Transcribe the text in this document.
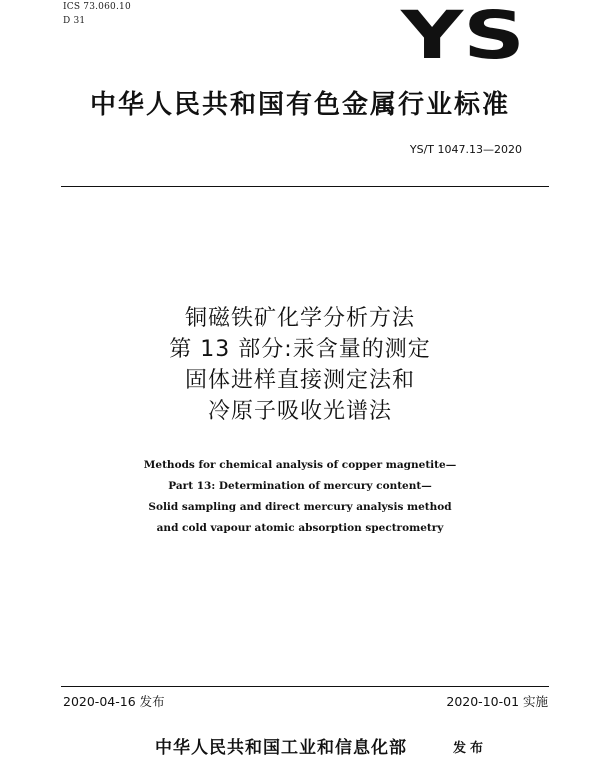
ICS 73.060.10
D 31	YS
中华人民共和国有色金属行业标准
YS/T 1047.13—2020
铜磁铁矿化学分析方法
第 13 部分:汞含量的测定
固体进样直接测定法和
冷原子吸收光谱法
Methods for chemical analysis of copper magnetite—
Part 13: Determination of mercury content—
Solid sampling and direct mercury analysis method
and cold vapour atomic absorption spectrometry
2020-04-16 发布	2020-10-01 实施
中华人民共和国工业和信息化部	发布
